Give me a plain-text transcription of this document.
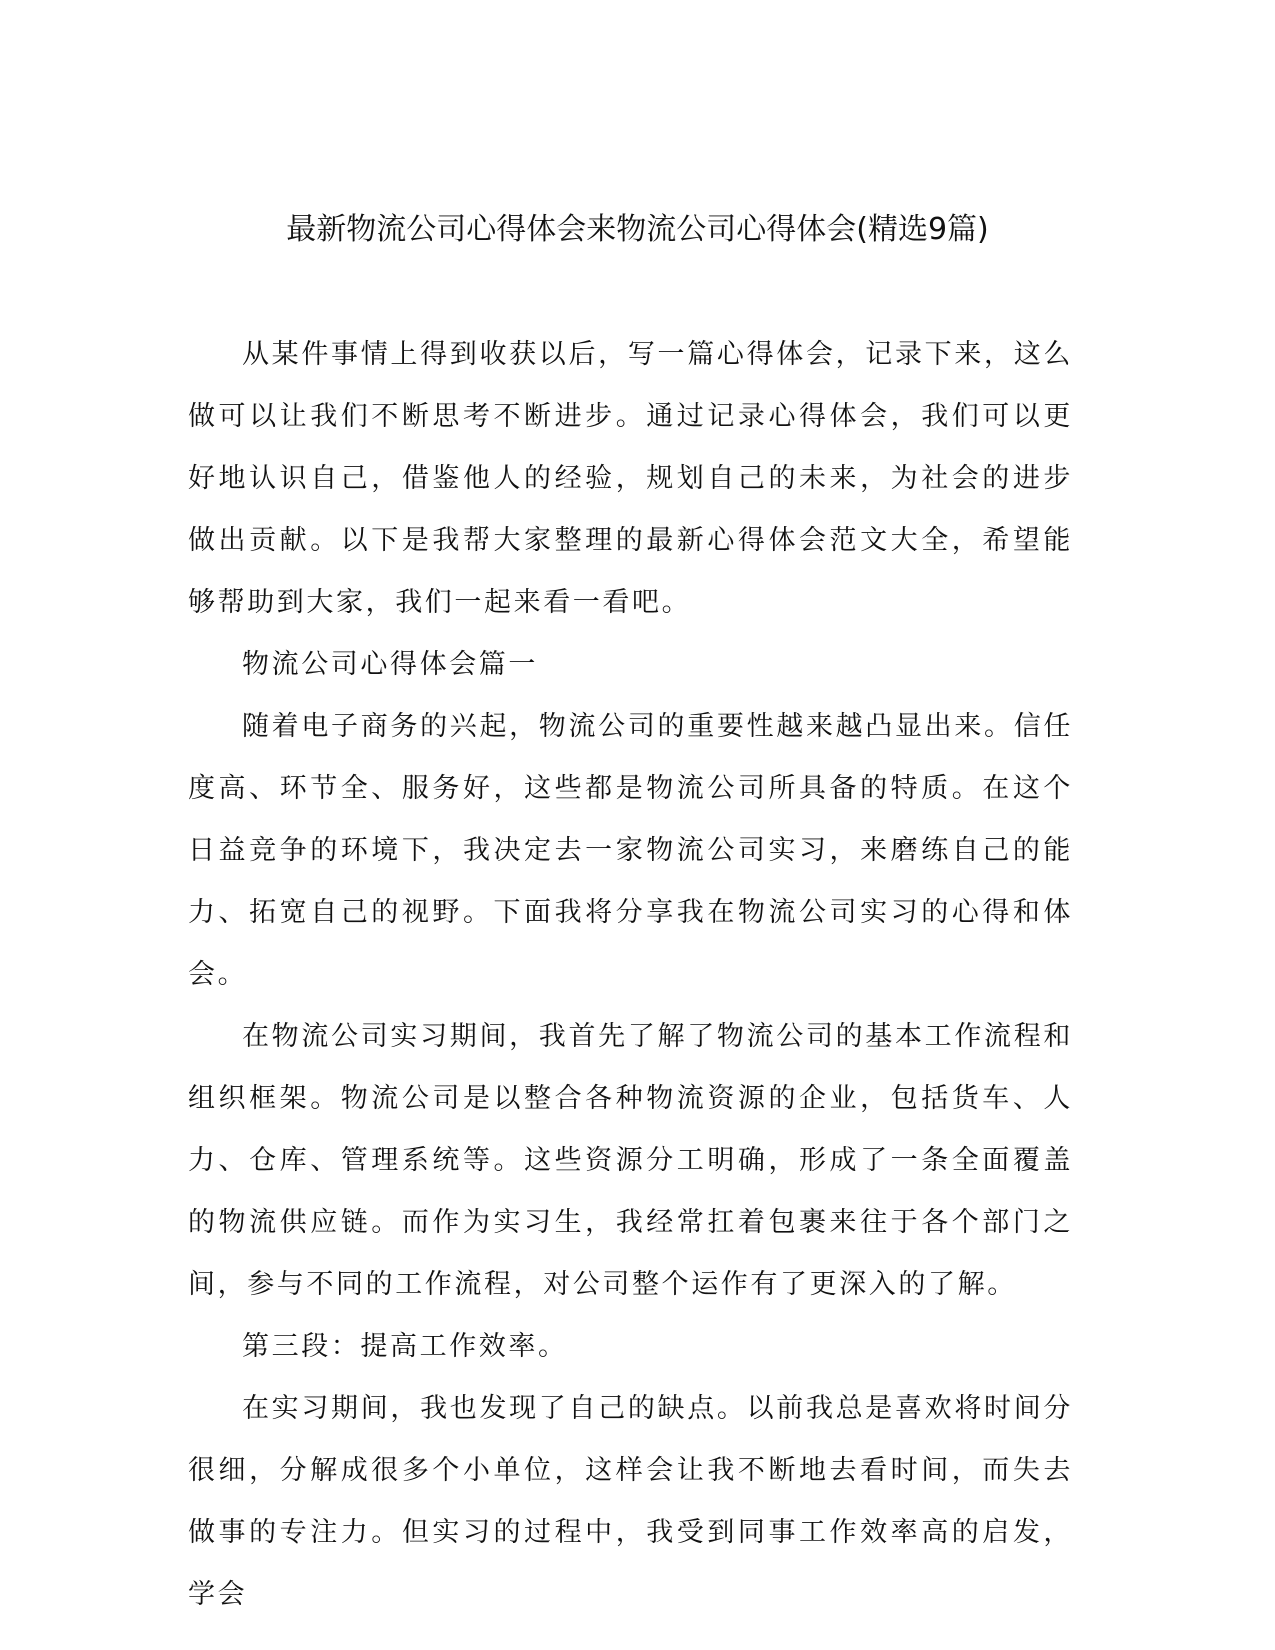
最新物流公司心得体会来物流公司心得体会(精选9篇)

从某件事情上得到收获以后，写一篇心得体会，记录下来，这么做可以让我们不断思考不断进步。通过记录心得体会，我们可以更好地认识自己，借鉴他人的经验，规划自己的未来，为社会的进步做出贡献。以下是我帮大家整理的最新心得体会范文大全，希望能够帮助到大家，我们一起来看一看吧。

物流公司心得体会篇一

随着电子商务的兴起，物流公司的重要性越来越凸显出来。信任度高、环节全、服务好，这些都是物流公司所具备的特质。在这个日益竞争的环境下，我决定去一家物流公司实习，来磨练自己的能力、拓宽自己的视野。下面我将分享我在物流公司实习的心得和体会。

在物流公司实习期间，我首先了解了物流公司的基本工作流程和组织框架。物流公司是以整合各种物流资源的企业，包括货车、人力、仓库、管理系统等。这些资源分工明确，形成了一条全面覆盖的物流供应链。而作为实习生，我经常扛着包裹来往于各个部门之间，参与不同的工作流程，对公司整个运作有了更深入的了解。

第三段：提高工作效率。

在实习期间，我也发现了自己的缺点。以前我总是喜欢将时间分很细，分解成很多个小单位，这样会让我不断地去看时间，而失去做事的专注力。但实习的过程中，我受到同事工作效率高的启发，学会
